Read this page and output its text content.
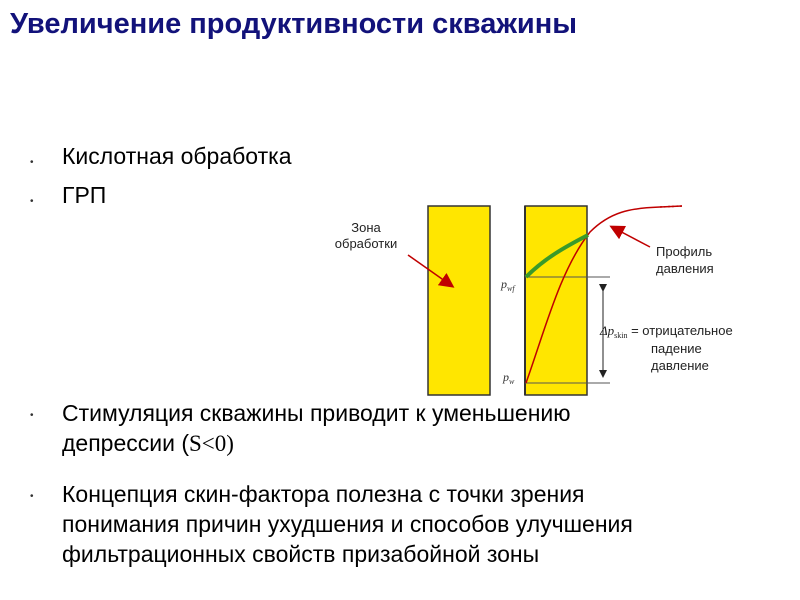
Увеличение продуктивности скважины
• Кислотная обработка
• ГРП
• Стимуляция скважины приводит к уменьшению
депрессии (S<0)
• Концепция скин-фактора полезна с точки зрения
понимания причин ухудшения и способов улучшения
фильтрационных свойств призабойной зоны
Зона
обработки
Профиль
давления
$p_{wf}$
$p_w$
$\Delta p_{skin}$ = отрицательное
падение
давление
